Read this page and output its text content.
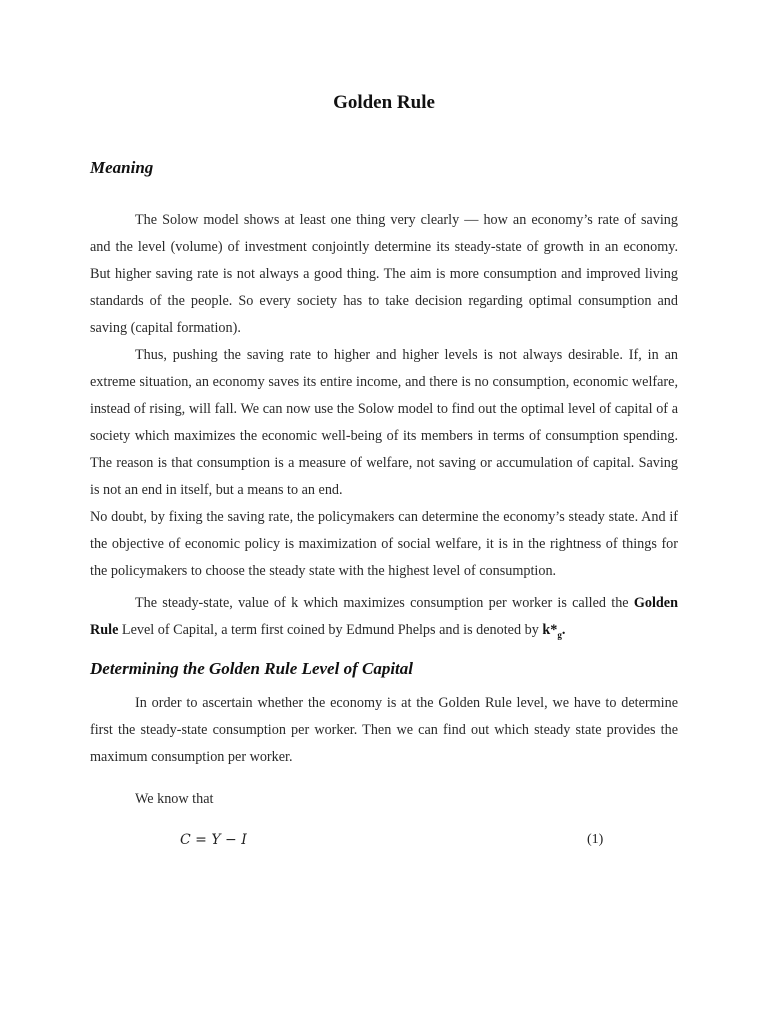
Golden Rule
Meaning

The Solow model shows at least one thing very clearly — how an economy’s rate of saving and the level (volume) of investment conjointly determine its steady-state of growth in an economy. But higher saving rate is not always a good thing. The aim is more consumption and improved living standards of the people. So every society has to take decision regarding optimal consumption and saving (capital formation).

Thus, pushing the saving rate to higher and higher levels is not always desirable. If, in an extreme situation, an economy saves its entire income, and there is no consumption, economic welfare, instead of rising, will fall. We can now use the Solow model to find out the optimal level of capital of a society which maximizes the economic well-being of its members in terms of consumption spending. The reason is that consumption is a measure of welfare, not saving or accumulation of capital. Saving is not an end in itself, but a means to an end.

No doubt, by fixing the saving rate, the policymakers can determine the economy’s steady state. And if the objective of economic policy is maximization of social welfare, it is in the rightness of things for the policymakers to choose the steady state with the highest level of consumption.

The steady-state, value of k which maximizes consumption per worker is called the Golden Rule Level of Capital, a term first coined by Edmund Phelps and is denoted by $k*_g$.

Determining the Golden Rule Level of Capital

In order to ascertain whether the economy is at the Golden Rule level, we have to determine first the steady-state consumption per worker. Then we can find out which steady state provides the maximum consumption per worker.

We know that

C = Y − I	(1)
